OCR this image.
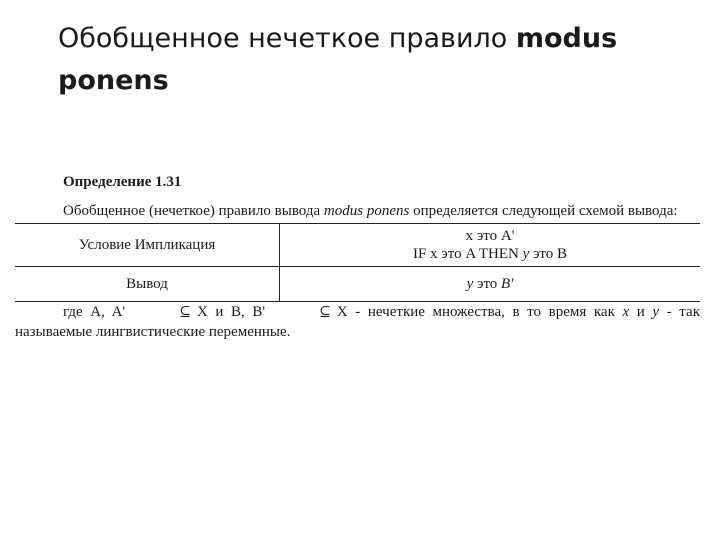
Обобщенное нечеткое правило modus ponens
Определение 1.31
Обобщенное (нечеткое) правило вывода modus ponens определяется следующей схемой вывода:
Условие Импликация	x это A'
IF x это A THEN y это B

Вывод	y это B'
где A, A'	⊆ X и B, B'	⊆ X - нечеткие множества, в то время как x и y - так называемые лингвистические переменные.
